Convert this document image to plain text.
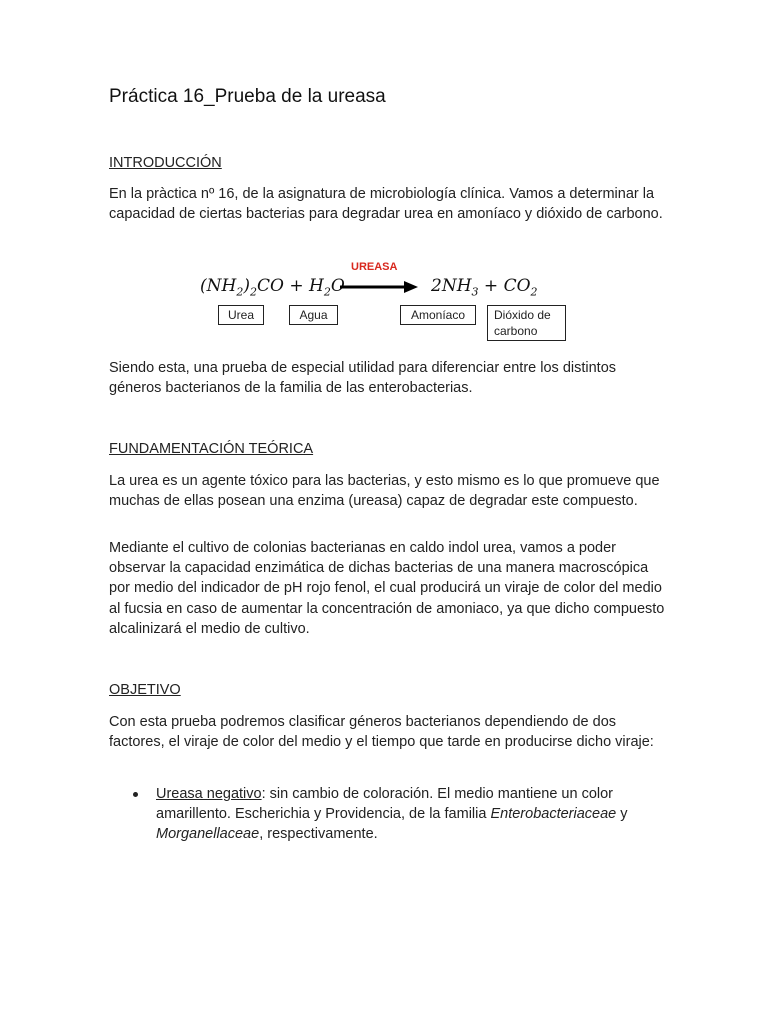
Práctica 16_Prueba de la ureasa
INTRODUCCIÓN

En la pràctica nº 16, de la asignatura de microbiología clínica. Vamos a determinar la capacidad de ciertas bacterias para degradar urea en amoníaco y dióxido de carbono.

$(NH_2)_2CO + H_2O$
UREASA
$2NH_3 + CO_2$
Urea	Agua	Amoníaco	Dióxido de carbono

Siendo esta, una prueba de especial utilidad para diferenciar entre los distintos géneros bacterianos de la familia de las enterobacterias.

FUNDAMENTACIÓN TEÓRICA

La urea es un agente tóxico para las bacterias, y esto mismo es lo que promueve que muchas de ellas posean una enzima (ureasa) capaz de degradar este compuesto.

Mediante el cultivo de colonias bacterianas en caldo indol urea, vamos a poder observar la capacidad enzimática de dichas bacterias de una manera macroscópica por medio del indicador de pH rojo fenol, el cual producirá un viraje de color del medio al fucsia en caso de aumentar la concentración de amoniaco, ya que dicho compuesto alcalinizará el medio de cultivo.

OBJETIVO

Con esta prueba podremos clasificar géneros bacterianos dependiendo de dos factores, el viraje de color del medio y el tiempo que tarde en producirse dicho viraje:

Ureasa negativo: sin cambio de coloración. El medio mantiene un color amarillento. Escherichia y Providencia, de la familia Enterobacteriaceae y Morganellaceae, respectivamente.
